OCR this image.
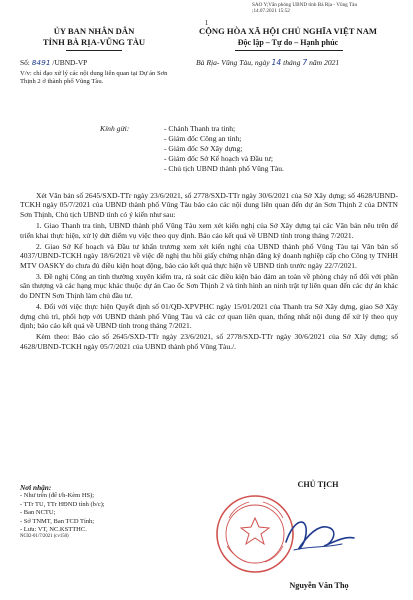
SAO Y;Văn phòng UBND tỉnh Bà Rịa - Vũng Tàu
;14.07.2021 15:52
1
ỦY BAN NHÂN DÂN
TỈNH BÀ RỊA-VŨNG TÀU
CỘNG HÒA XÃ HỘI CHỦ NGHĨA VIỆT NAM
Độc lập – Tự do – Hạnh phúc
Số: 8491 /UBND-VP
V/v: chỉ đạo xử lý các nội dung liên quan tại Dự án Sơn Thịnh 2 ở thành phố Vũng Tàu.
Bà Rịa- Vũng Tàu, ngày 14 tháng 7 năm 2021
Kính gửi:	- Chánh Thanh tra tỉnh;
- Giám đốc Công an tỉnh;
- Giám đốc Sở Xây dựng;
- Giám đốc Sở Kế hoạch và Đầu tư;
- Chủ tịch UBND thành phố Vũng Tàu.

Xét Văn bản số 2645/SXD-TTr ngày 23/6/2021, số 2778/SXD-TTr ngày 30/6/2021 của Sở Xây dựng; số 4628/UBND-TCKH ngày 05/7/2021 của UBND thành phố Vũng Tàu báo cáo các nội dung liên quan đến dự án Sơn Thịnh 2 của DNTN Sơn Thịnh, Chủ tịch UBND tỉnh có ý kiến như sau:

1. Giao Thanh tra tỉnh, UBND thành phố Vũng Tàu xem xét kiến nghị của Sở Xây dựng tại các Văn bản nêu trên để triển khai thực hiện, xử lý dứt điểm vụ việc theo quy định. Báo cáo kết quả về UBND tỉnh trong tháng 7/2021.

2. Giao Sở Kế hoạch và Đầu tư khẩn trương xem xét kiến nghị của UBND thành phố Vũng Tàu tại Văn bản số 4037/UBND-TCKH ngày 18/6/2021 về việc đề nghị thu hồi giấy chứng nhận đăng ký doanh nghiệp cấp cho Công ty TNHH MTV OASKY do chưa đủ điều kiện hoạt động, báo cáo kết quả thực hiện về UBND tỉnh trước ngày 22/7/2021.

3. Đề nghị Công an tỉnh thường xuyên kiểm tra, rà soát các điều kiện bảo đảm an toàn về phòng cháy nổ đối với phần sân thượng và các hạng mục khác thuộc dự án Cao ốc Sơn Thịnh 2 và tình hình an ninh trật tự liên quan đến các dự án khác do DNTN Sơn Thịnh làm chủ đầu tư.

4. Đối với việc thực hiện Quyết định số 01/QĐ-XPVPHC ngày 15/01/2021 của Thanh tra Sở Xây dựng, giao Sở Xây dựng chủ trì, phối hợp với UBND thành phố Vũng Tàu và các cơ quan liên quan, thống nhất nội dung để xử lý theo quy định; báo cáo kết quả về UBND tỉnh trong tháng 7/2021.

Kèm theo: Báo cáo số 2645/SXD-TTr ngày 23/6/2021, số 2778/SXD-TTr ngày 30/6/2021 của Sở Xây dựng; số 4628/UBND-TCKH ngày 05/7/2021 của UBND thành phố Vũng Tàu./.

Nơi nhận:
- Như trên (để t/h-Kèm HS);
- TTr TU, TTr HĐND tỉnh (b/c);
- Ban NCTU;
- Sở TNMT, Ban TCD Tỉnh;
- Lưu: VT, NC.KSTTHC.
NC02-01/7/2021 (cv150)
CHỦ TỊCH
Nguyễn Văn Thọ
